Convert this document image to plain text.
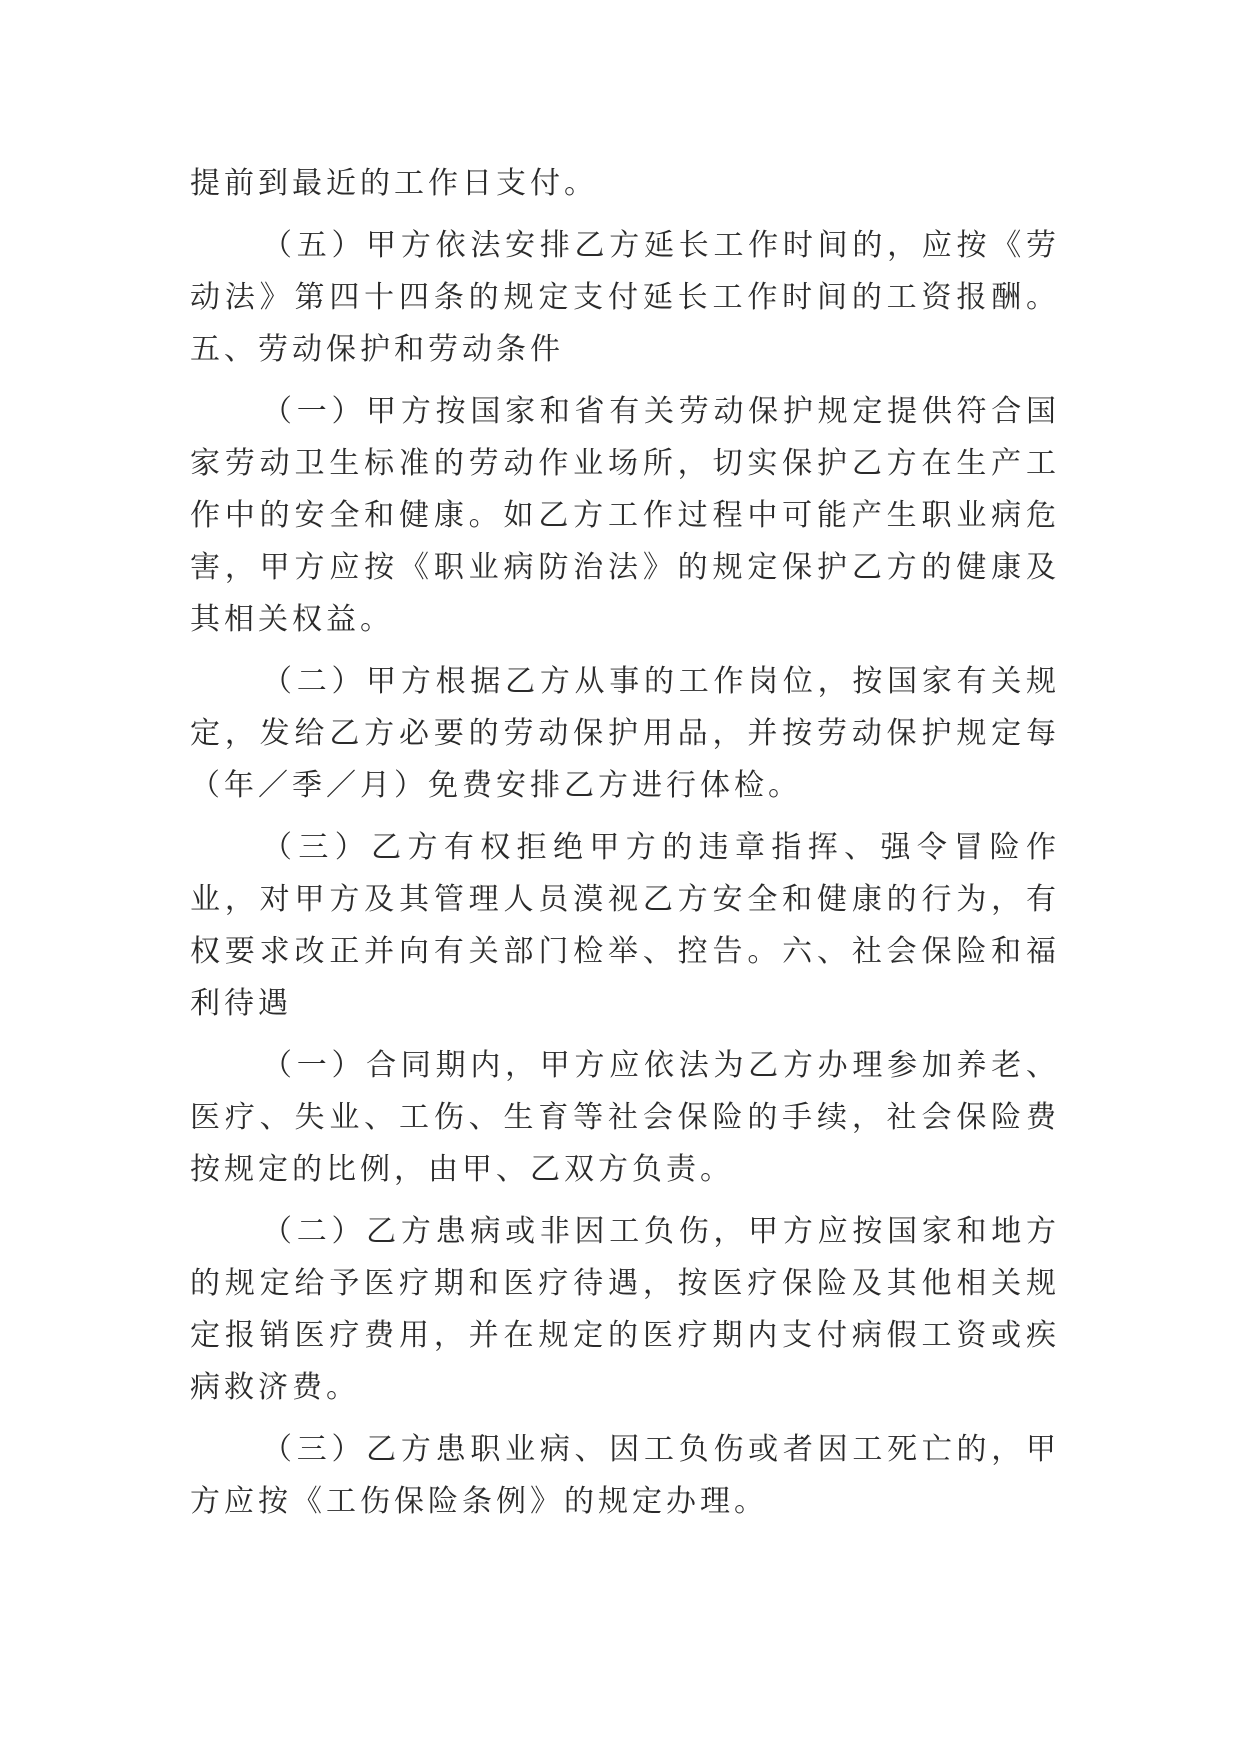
提前到最近的工作日支付。

（五）甲方依法安排乙方延长工作时间的，应按《劳动法》第四十四条的规定支付延长工作时间的工资报酬。五、劳动保护和劳动条件

（一）甲方按国家和省有关劳动保护规定提供符合国家劳动卫生标准的劳动作业场所，切实保护乙方在生产工作中的安全和健康。如乙方工作过程中可能产生职业病危害，甲方应按《职业病防治法》的规定保护乙方的健康及其相关权益。

（二）甲方根据乙方从事的工作岗位，按国家有关规定，发给乙方必要的劳动保护用品，并按劳动保护规定每（年／季／月）免费安排乙方进行体检。

（三）乙方有权拒绝甲方的违章指挥、强令冒险作业，对甲方及其管理人员漠视乙方安全和健康的行为，有权要求改正并向有关部门检举、控告。六、社会保险和福利待遇

（一）合同期内，甲方应依法为乙方办理参加养老、医疗、失业、工伤、生育等社会保险的手续，社会保险费按规定的比例，由甲、乙双方负责。

（二）乙方患病或非因工负伤，甲方应按国家和地方的规定给予医疗期和医疗待遇，按医疗保险及其他相关规定报销医疗费用，并在规定的医疗期内支付病假工资或疾病救济费。

（三）乙方患职业病、因工负伤或者因工死亡的，甲方应按《工伤保险条例》的规定办理。
